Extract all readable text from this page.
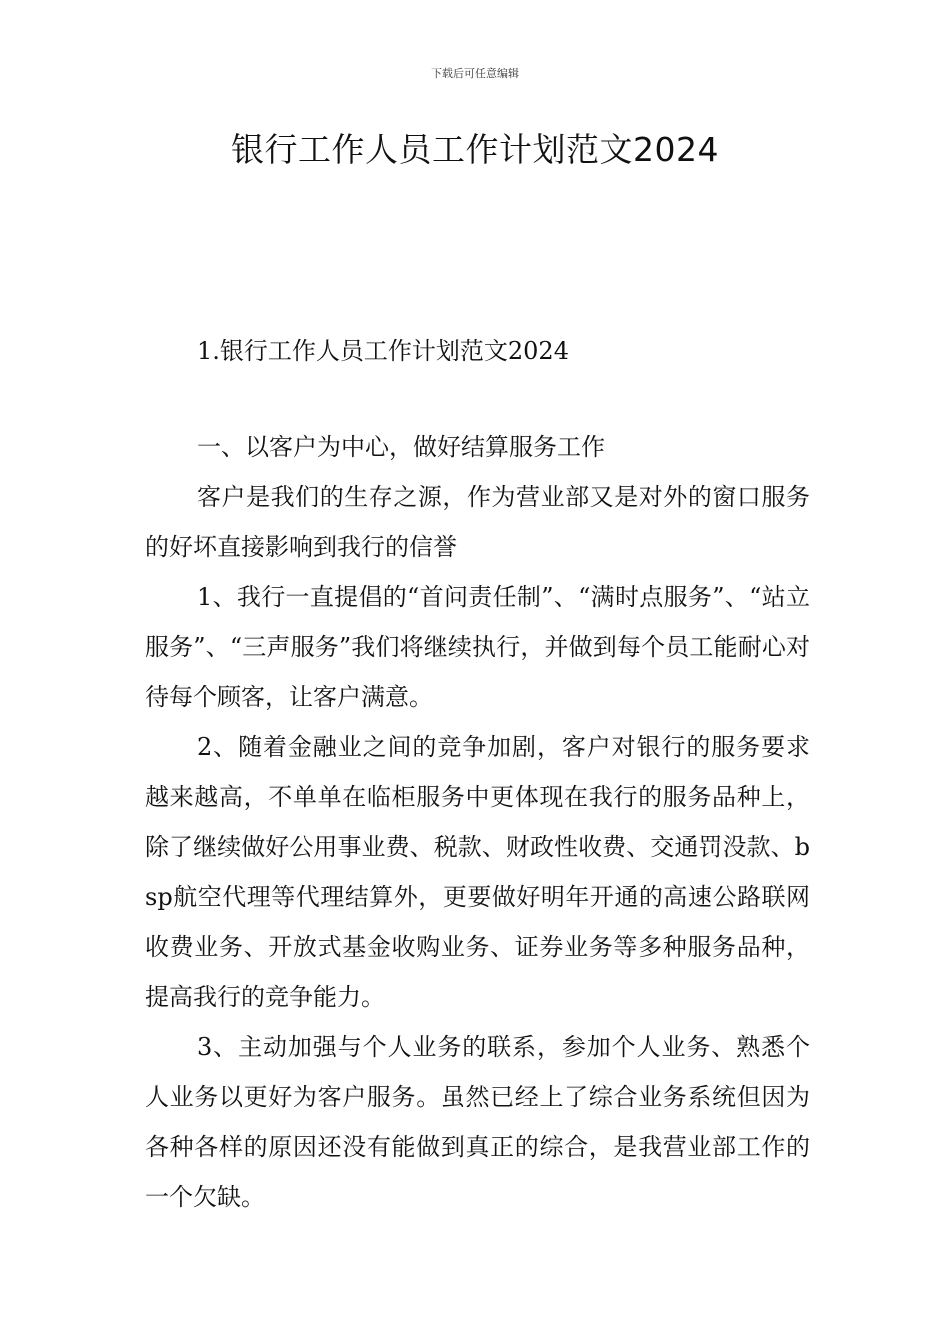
下载后可任意编辑
银行工作人员工作计划范文2024
1.银行工作人员工作计划范文2024

一、以客户为中心，做好结算服务工作

客户是我们的生存之源，作为营业部又是对外的窗口服务的好坏直接影响到我行的信誉

1、我行一直提倡的“首问责任制”、“满时点服务”、“站立服务”、“三声服务”我们将继续执行，并做到每个员工能耐心对待每个顾客，让客户满意。

2、随着金融业之间的竞争加剧，客户对银行的服务要求越来越高，不单单在临柜服务中更体现在我行的服务品种上，除了继续做好公用事业费、税款、财政性收费、交通罚没款、bsp航空代理等代理结算外，更要做好明年开通的高速公路联网收费业务、开放式基金收购业务、证券业务等多种服务品种，提高我行的竞争能力。

3、主动加强与个人业务的联系，参加个人业务、熟悉个人业务以更好为客户服务。虽然已经上了综合业务系统但因为各种各样的原因还没有能做到真正的综合，是我营业部工作的一个欠缺。
